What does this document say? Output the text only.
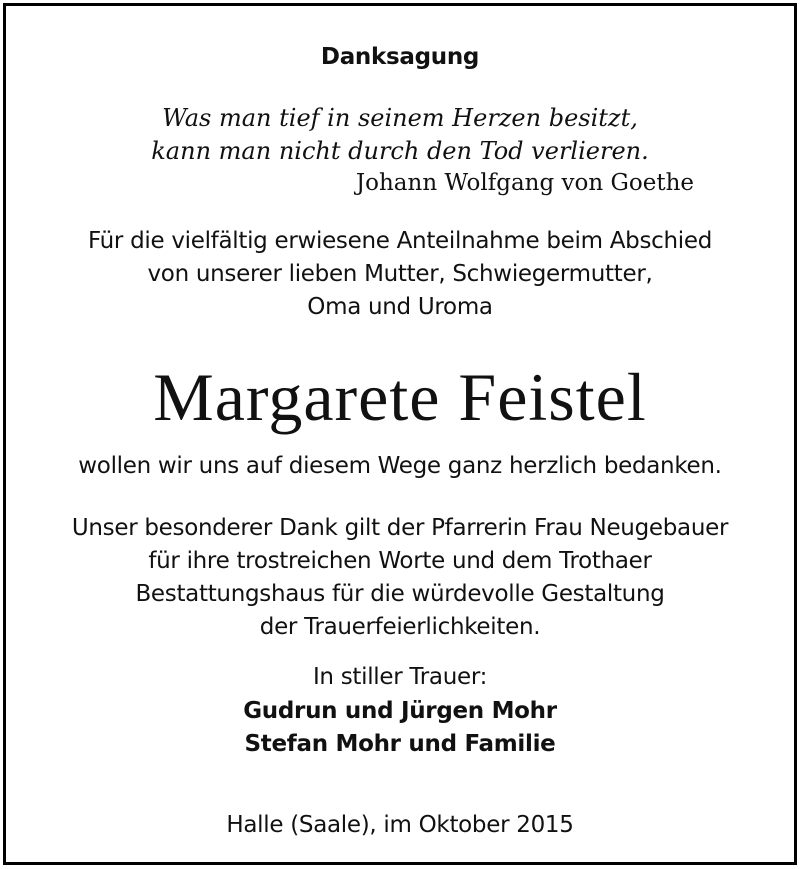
Danksagung

Was man tief in seinem Herzen besitzt,

kann man nicht durch den Tod verlieren.

Johann Wolfgang von Goethe

Für die vielfältig erwiesene Anteilnahme beim Abschied

von unserer lieben Mutter, Schwiegermutter,

Oma und Uroma

Margarete Feistel

wollen wir uns auf diesem Wege ganz herzlich bedanken.

Unser besonderer Dank gilt der Pfarrerin Frau Neugebauer

für ihre trostreichen Worte und dem Trothaer

Bestattungshaus für die würdevolle Gestaltung

der Trauerfeierlichkeiten.

In stiller Trauer:

Gudrun und Jürgen Mohr

Stefan Mohr und Familie

Halle (Saale), im Oktober 2015
